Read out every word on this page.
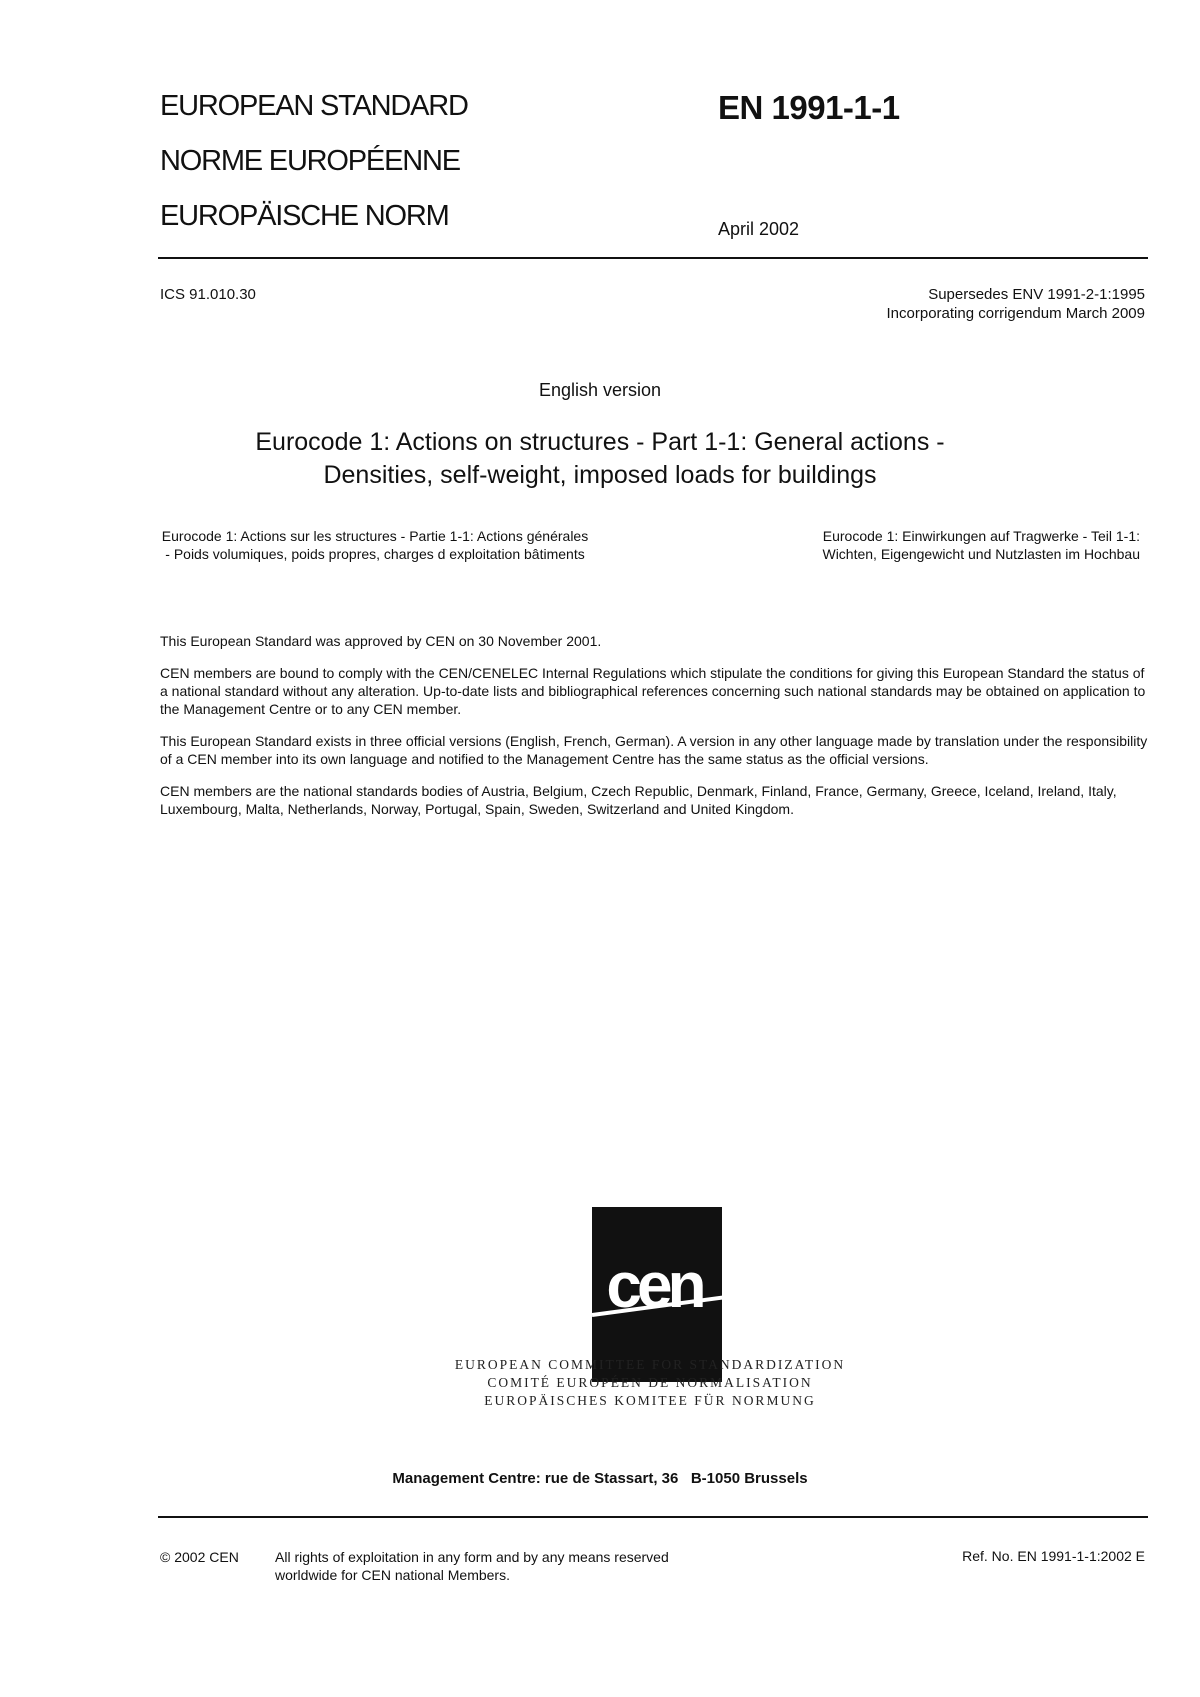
EUROPEAN STANDARD
NORME EUROPÉENNE
EUROPÄISCHE NORM
EN 1991-1-1
April 2002
ICS 91.010.30	Supersedes ENV 1991-2-1:1995
Incorporating corrigendum March 2009
English version
Eurocode 1: Actions on structures - Part 1-1: General actions -
Densities, self-weight, imposed loads for buildings
Eurocode 1: Actions sur les structures - Partie 1-1: Actions générales - Poids volumiques, poids propres, charges d exploitation bâtiments
Eurocode 1: Einwirkungen auf Tragwerke - Teil 1-1:
Wichten, Eigengewicht und Nutzlasten im Hochbau

This European Standard was approved by CEN on 30 November 2001.

CEN members are bound to comply with the CEN/CENELEC Internal Regulations which stipulate the conditions for giving this European Standard the status of a national standard without any alteration. Up-to-date lists and bibliographical references concerning such national standards may be obtained on application to the Management Centre or to any CEN member.

This European Standard exists in three official versions (English, French, German). A version in any other language made by translation under the responsibility of a CEN member into its own language and notified to the Management Centre has the same status as the official versions.

CEN members are the national standards bodies of Austria, Belgium, Czech Republic, Denmark, Finland, France, Germany, Greece, Iceland, Ireland, Italy, Luxembourg, Malta, Netherlands, Norway, Portugal, Spain, Sweden, Switzerland and United Kingdom.

cen
EUROPEAN COMMITTEE FOR STANDARDIZATION
COMITÉ EUROPÉEN DE NORMALISATION
EUROPÄISCHES KOMITEE FÜR NORMUNG
Management Centre: rue de Stassart, 36   B-1050 Brussels
© 2002 CEN	All rights of exploitation in any form and by any means reserved
worldwide for CEN national Members.
Ref. No. EN 1991-1-1:2002 E
